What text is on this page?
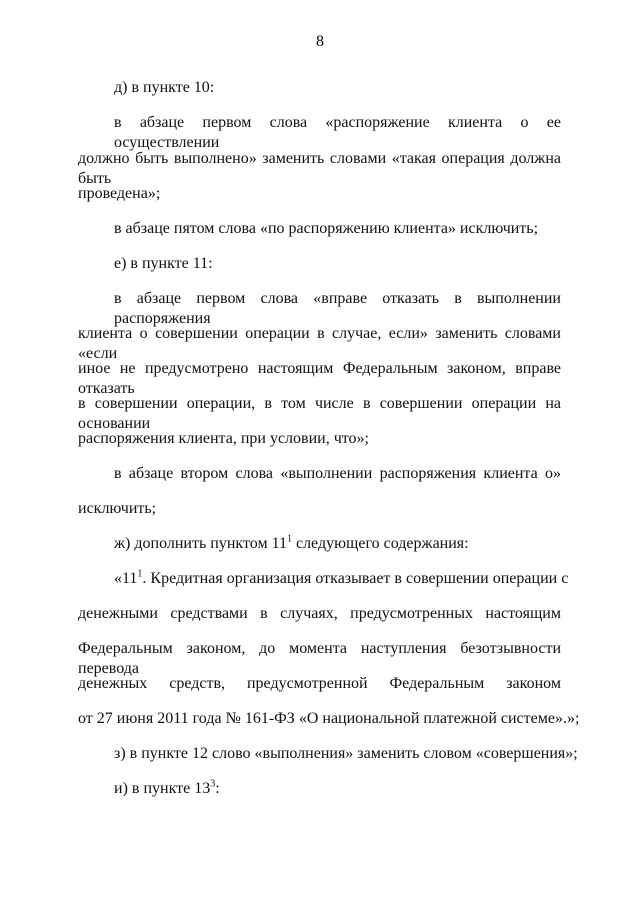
8
д) в пункте 10:
в абзаце первом слова «распоряжение клиента о ее осуществлении
должно быть выполнено» заменить словами «такая операция должна быть
проведена»;
в абзаце пятом слова «по распоряжению клиента» исключить;
е) в пункте 11:
в абзаце первом слова «вправе отказать в выполнении распоряжения
клиента о совершении операции в случае, если» заменить словами «если
иное не предусмотрено настоящим Федеральным законом, вправе отказать
в совершении операции, в том числе в совершении операции на основании
распоряжения клиента, при условии, что»;
в абзаце втором слова «выполнении распоряжения клиента о»
исключить;
ж) дополнить пунктом $11^1$ следующего содержания:
«$11^1$. Кредитная организация отказывает в совершении операции с
денежными средствами в случаях, предусмотренных настоящим
Федеральным законом, до момента наступления безотзывности перевода
денежных средств, предусмотренной Федеральным законом
от 27 июня 2011 года № 161-ФЗ «О национальной платежной системе».»;
з) в пункте 12 слово «выполнения» заменить словом «совершения»;
и) в пункте $13^3$:
